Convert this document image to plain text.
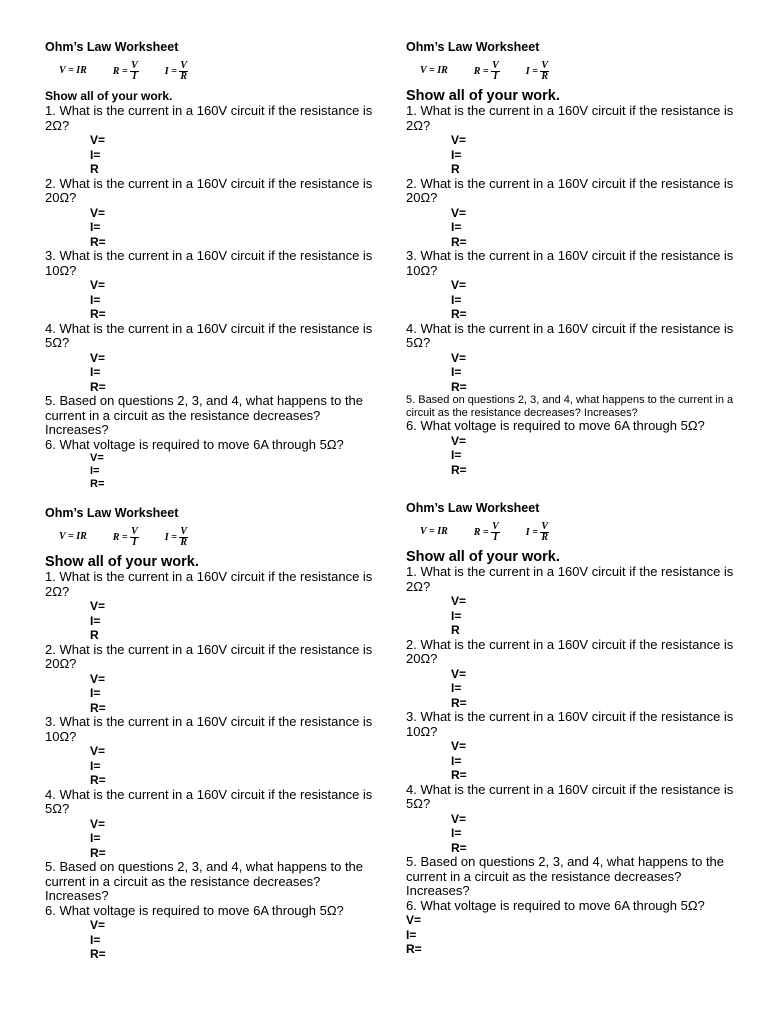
Ohm’s Law Worksheet
V = IR	$R = \frac{V}{I}$	$I = \frac{V}{R}$
Show all of your work.
1. What is the current in a 160V circuit if the resistance is 2Ω?
V=
I=
R
2. What is the current in a 160V circuit if the resistance is 20Ω?
V=
I=
R=
3. What is the current in a 160V circuit if the resistance is 10Ω?
V=
I=
R=
4. What is the current in a 160V circuit if the resistance is 5Ω?
V=
I=
R=
5. Based on questions 2, 3, and 4, what happens to the current in a circuit as the resistance decreases? Increases?
6. What voltage is required to move 6A through 5Ω?
V=
I=
R=
Ohm’s Law Worksheet
V = IR	$R = \frac{V}{I}$	$I = \frac{V}{R}$
Show all of your work.
1. What is the current in a 160V circuit if the resistance is 2Ω?
V=
I=
R
2. What is the current in a 160V circuit if the resistance is 20Ω?
V=
I=
R=
3. What is the current in a 160V circuit if the resistance is 10Ω?
V=
I=
R=
4. What is the current in a 160V circuit if the resistance is 5Ω?
V=
I=
R=
5. Based on questions 2, 3, and 4, what happens to the current in a circuit as the resistance decreases? Increases?
6. What voltage is required to move 6A through 5Ω?
V=
I=
R=
Ohm’s Law Worksheet
V = IR	$R = \frac{V}{I}$	$I = \frac{V}{R}$
Show all of your work.
1. What is the current in a 160V circuit if the resistance is 2Ω?
V=
I=
R
2. What is the current in a 160V circuit if the resistance is 20Ω?
V=
I=
R=
3. What is the current in a 160V circuit if the resistance is 10Ω?
V=
I=
R=
4. What is the current in a 160V circuit if the resistance is 5Ω?
V=
I=
R=
5. Based on questions 2, 3, and 4, what happens to the current in a circuit as the resistance decreases? Increases?
6. What voltage is required to move 6A through 5Ω?
V=
I=
R=
Ohm’s Law Worksheet
V = IR	$R = \frac{V}{I}$	$I = \frac{V}{R}$
Show all of your work.
1. What is the current in a 160V circuit if the resistance is 2Ω?
V=
I=
R
2. What is the current in a 160V circuit if the resistance is 20Ω?
V=
I=
R=
3. What is the current in a 160V circuit if the resistance is 10Ω?
V=
I=
R=
4. What is the current in a 160V circuit if the resistance is 5Ω?
V=
I=
R=
5. Based on questions 2, 3, and 4, what happens to the current in a circuit as the resistance decreases? Increases?
6. What voltage is required to move 6A through 5Ω?
V=
I=
R=
